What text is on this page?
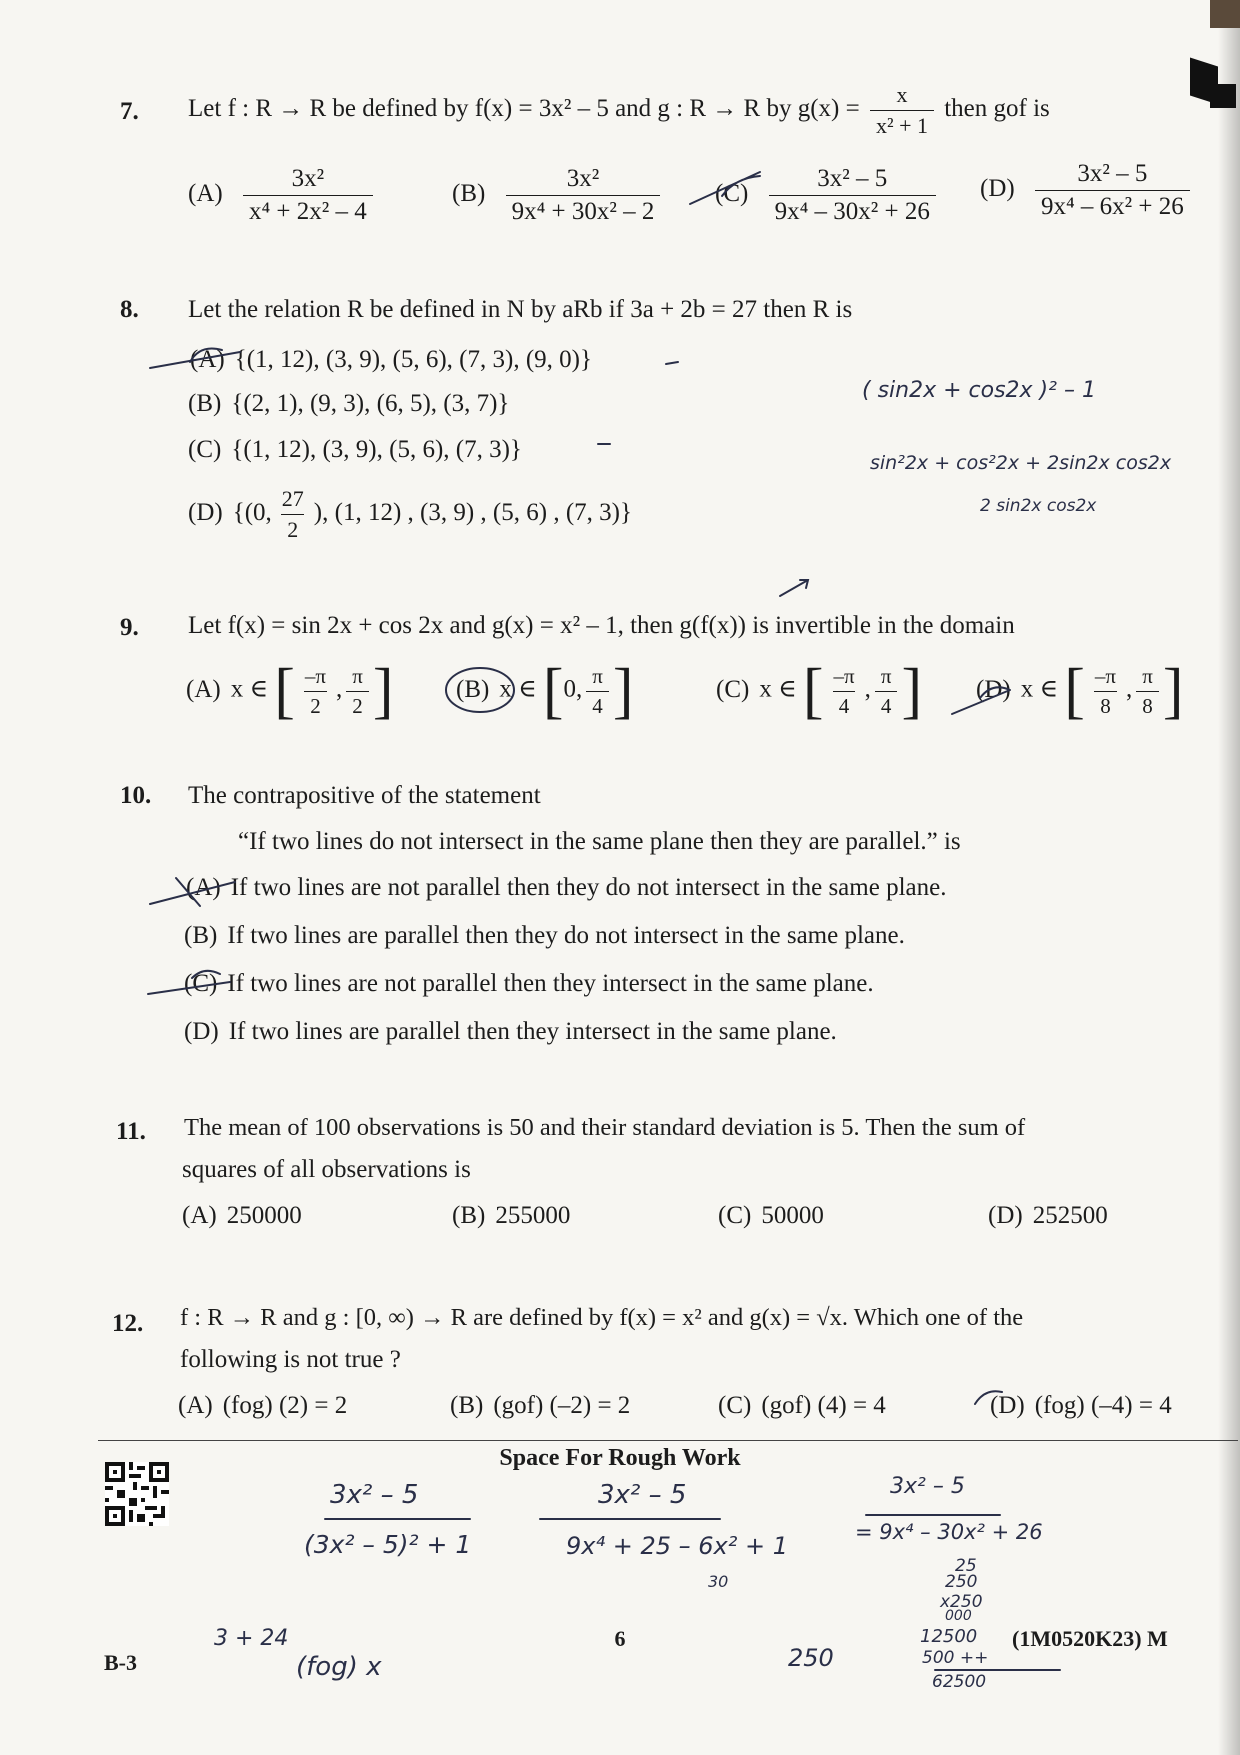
7. Let f : R → R be defined by f(x) = 3x² – 5 and g : R → R by $g(x) = \frac{x}{\text{x² + 1}}$ then gof is
$(A) \frac{\text{3x²}}{\text{x⁴ + 2x² – 4}}$	$(B) \frac{\text{3x²}}{\text{9x⁴ + 30x² – 2}} (C) \frac{\text{3x² – 5}}{\text{9x⁴ – 30x² + 26}} (D) \frac{\text{3x² – 5}}{\text{9x⁴ – 6x² + 26}}$
8. Let the relation R be defined in N by aRb if 3a + 2b = 27 then R is
(A) {(1, 12), (3, 9), (5, 6), (7, 3), (9, 0)}
(B) {(2, 1), (9, 3), (6, 5), (3, 7)}
(C) {(1, 12), (3, 9), (5, 6), (7, 3)}
(D) {(0, $\frac{27}{2}$ ), (1, 12) , (3, 9) , (5, 6) , (7, 3)}
9. Let f(x) = sin 2x + cos 2x and g(x) = x² – 1, then g(f(x)) is invertible in the domain
(A) x ∈ [ $\frac{-\pi}{2}$ , $\frac{\pi}{2}$ ] (B) x ∈ [0, $\frac{\pi}{4}$ ]	(C) x ∈ [ $\frac{-\pi}{4}$ , $\frac{\pi}{4}$ ] (D) x ∈ [ $\frac{-\pi}{8}$ , $\frac{\pi}{8}$ ]
10. The contrapositive of the statement
“If two lines do not intersect in the same plane then they are parallel.” is
(A) If two lines are not parallel then they do not intersect in the same plane.
(B) If two lines are parallel then they do not intersect in the same plane.
(C) If two lines are not parallel then they intersect in the same plane.
(D) If two lines are parallel then they intersect in the same plane.
11. The mean of 100 observations is 50 and their standard deviation is 5. Then the sum of
squares of all observations is
(A) 250000	(B) 255000	(C) 50000	(D) 252500
12. f : R → R and g : [0, ∞) → R are defined by f(x) = x² and g(x) = √x. Which one of the
following is not true ?
(A) (fog) (2) = 2	(B) (gof) (–2) = 2	(C) (gof) (4) = 4	(D) (fog) (–4) = 4
Space For Rough Work
B-3
6	(1M0520K23) M
( sin2x + cos2x )² – 1
sin²2x + cos²2x + 2sin2x cos2x
2 sin2x cos2x
3x² – 5
(3x² – 5)² + 1
3x² – 5
9x⁴ + 25 – 6x² + 1
30
3x² – 5
= 9x⁴ – 30x² + 26
25
250
x250
000
12500
500 ++
62500
3 + 24
(fog) x	250
